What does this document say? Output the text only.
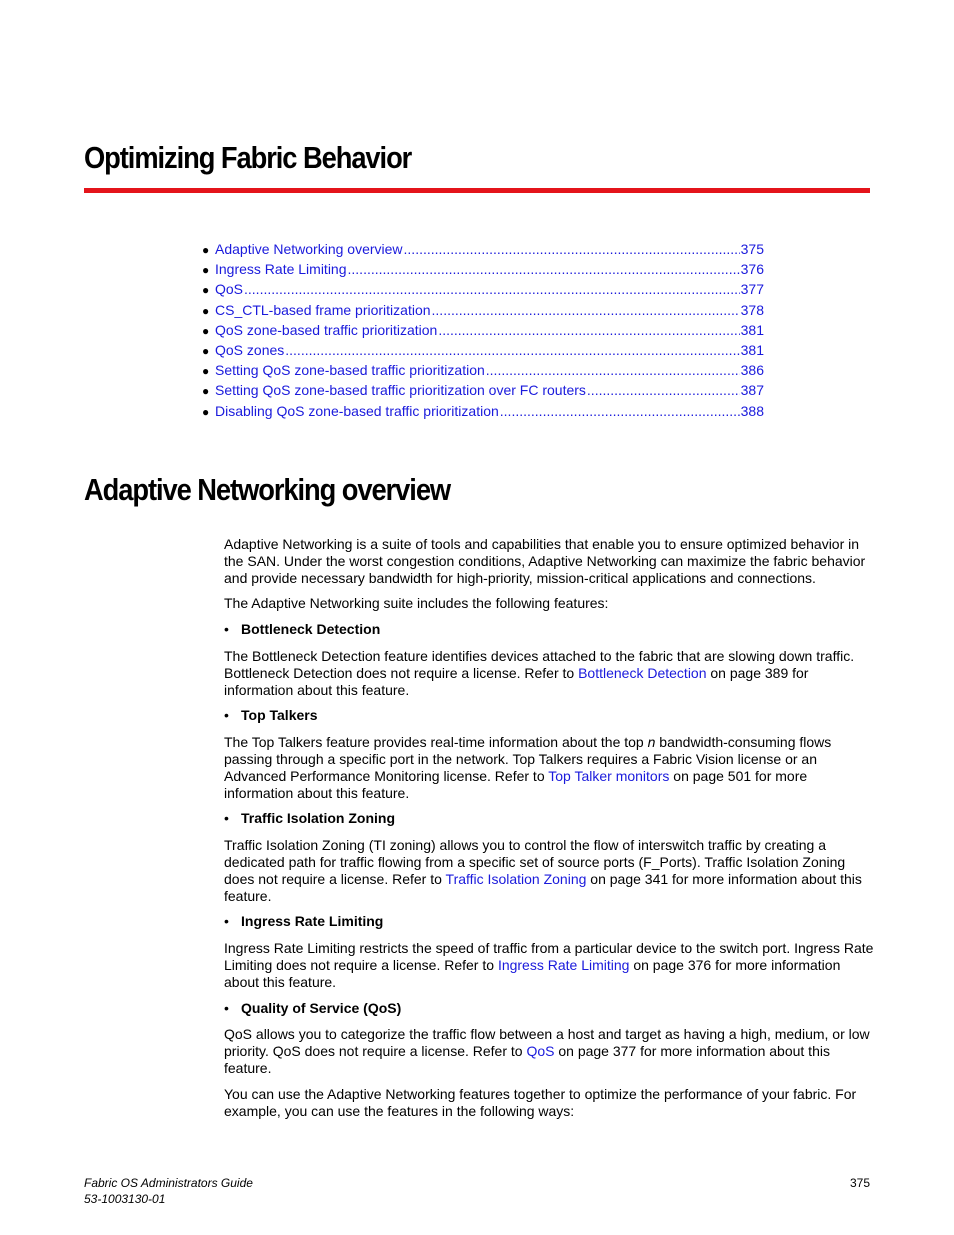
Optimizing Fabric Behavior
● Adaptive Networking overview .....	375
● Ingress Rate Limiting .....	376
● QoS .....	377
● CS_CTL-based frame prioritization .....	378
● QoS zone-based traffic prioritization .....	381
● QoS zones .....	381
● Setting QoS zone-based traffic prioritization .....	386
● Setting QoS zone-based traffic prioritization over FC routers .....	387
● Disabling QoS zone-based traffic prioritization .....	388
Adaptive Networking overview

Adaptive Networking is a suite of tools and capabilities that enable you to ensure optimized behavior in the SAN. Under the worst congestion conditions, Adaptive Networking can maximize the fabric behavior and provide necessary bandwidth for high-priority, mission-critical applications and connections.

The Adaptive Networking suite includes the following features:

• Bottleneck Detection

The Bottleneck Detection feature identifies devices attached to the fabric that are slowing down traffic. Bottleneck Detection does not require a license. Refer to Bottleneck Detection on page 389 for information about this feature.

• Top Talkers

The Top Talkers feature provides real-time information about the top n bandwidth-consuming flows passing through a specific port in the network. Top Talkers requires a Fabric Vision license or an Advanced Performance Monitoring license. Refer to Top Talker monitors on page 501 for more information about this feature.

• Traffic Isolation Zoning

Traffic Isolation Zoning (TI zoning) allows you to control the flow of interswitch traffic by creating a dedicated path for traffic flowing from a specific set of source ports (F_Ports). Traffic Isolation Zoning does not require a license. Refer to Traffic Isolation Zoning on page 341 for more information about this feature.

• Ingress Rate Limiting

Ingress Rate Limiting restricts the speed of traffic from a particular device to the switch port. Ingress Rate Limiting does not require a license. Refer to Ingress Rate Limiting on page 376 for more information about this feature.

• Quality of Service (QoS)

QoS allows you to categorize the traffic flow between a host and target as having a high, medium, or low priority. QoS does not require a license. Refer to QoS on page 377 for more information about this feature.

You can use the Adaptive Networking features together to optimize the performance of your fabric. For example, you can use the features in the following ways:

Fabric OS Administrators Guide
53-1003130-01
375
